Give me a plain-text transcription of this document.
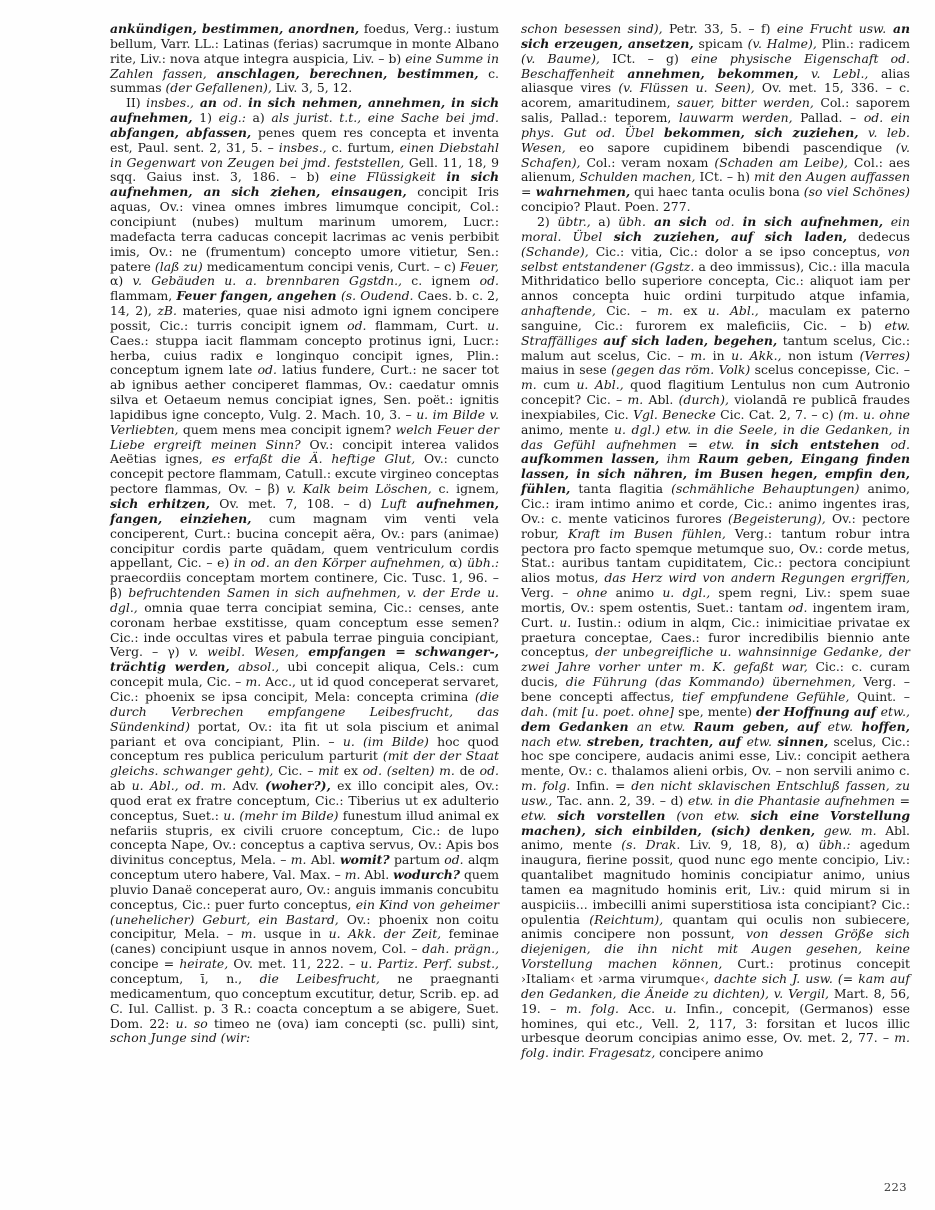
ankündigen, bestimmen, anordnen, foedus, Verg.: iustum bellum, Varr. LL.: Latinas (ferias) sacrumque in monte Albano rite, Liv.: nova atque integra auspicia, Liv. – b) eine Summe in Zahlen fassen, anschlagen, berechnen, bestimmen, c. summas (der Gefallenen), Liv. 3, 5, 12.

II) insbes., an od. in sich nehmen, annehmen, in sich aufnehmen, 1) eig.: a) als jurist. t.t., eine Sache bei jmd. abfangen, abfassen, penes quem res concepta et inventa est, Paul. sent. 2, 31, 5. – insbes., c. furtum, einen Diebstahl in Gegenwart von Zeugen bei jmd. feststellen, Gell. 11, 18, 9 sqq. Gaius inst. 3, 186. – b) eine Flüssigkeit in sich aufnehmen, an sich ziehen, einsaugen, concipit Iris aquas, Ov.: vinea omnes imbres limumque concipit, Col.: concipiunt (nubes) multum marinum umorem, Lucr.: madefacta terra caducas concepit lacrimas ac venis perbibit imis, Ov.: ne (frumentum) concepto umore vitietur, Sen.: patere (laß zu) medicamentum concipi venis, Curt. – c) Feuer, α) v. Gebäuden u. a. brennbaren Ggstdn., c. ignem od. flammam, Feuer fangen, angehen (s. Oudend. Caes. b. c. 2, 14, 2), zB. materies, quae nisi admoto igni ignem concipere possit, Cic.: turris concipit ignem od. flammam, Curt. u. Caes.: stuppa iacit flammam concepto protinus igni, Lucr.: herba, cuius radix e longinquo concipit ignes, Plin.: conceptum ignem late od. latius fundere, Curt.: ne sacer tot ab ignibus aether conciperet flammas, Ov.: caedatur omnis silva et Oetaeum nemus concipiat ignes, Sen. poët.: ignitis lapidibus igne concepto, Vulg. 2. Mach. 10, 3. – u. im Bilde v. Verliebten, quem mens mea concipit ignem? welch Feuer der Liebe ergreift meinen Sinn? Ov.: concipit interea validos Aeëtias ignes, es erfaßt die Ä. heftige Glut, Ov.: cuncto concepit pectore flammam, Catull.: excute virgineo conceptas pectore flammas, Ov. – β) v. Kalk beim Löschen, c. ignem, sich erhitzen, Ov. met. 7, 108. – d) Luft aufnehmen, fangen, einziehen, cum magnam vim venti vela conciperent, Curt.: bucina concepit aëra, Ov.: pars (animae) concipitur cordis parte quādam, quem ventriculum cordis appellant, Cic. – e) in od. an den Körper aufnehmen, α) übh.: praecordiis conceptam mortem continere, Cic. Tusc. 1, 96. – β) befruchtenden Samen in sich aufnehmen, v. der Erde u. dgl., omnia quae terra concipiat semina, Cic.: censes, ante coronam herbae exstitisse, quam conceptum esse semen? Cic.: inde occultas vires et pabula terrae pinguia concipiant, Verg. – γ) v. weibl. Wesen, empfangen = schwanger-, trächtig werden, absol., ubi concepit aliqua, Cels.: cum concepit mula, Cic. – m. Acc., ut id quod conceperat servaret, Cic.: phoenix se ipsa concipit, Mela: concepta crimina (die durch Verbrechen empfangene Leibesfrucht, das Sündenkind) portat, Ov.: ita fit ut sola piscium et animal pariant et ova concipiant, Plin. – u. (im Bilde) hoc quod conceptum res publica periculum parturit (mit der der Staat gleichs. schwanger geht), Cic. – mit ex od. (selten) m. de od. ab u. Abl., od. m. Adv. (woher?), ex illo concipit ales, Ov.: quod erat ex fratre conceptum, Cic.: Tiberius ut ex adulterio conceptus, Suet.: u. (mehr im Bilde) funestum illud animal ex nefariis stupris, ex civili cruore conceptum, Cic.: de lupo concepta Nape, Ov.: conceptus a captiva servus, Ov.: Apis bos divinitus conceptus, Mela. – m. Abl. womit? partum od. alqm conceptum utero habere, Val. Max. – m. Abl. wodurch? quem pluvio Danaë conceperat auro, Ov.: anguis immanis concubitu conceptus, Cic.: puer furto conceptus, ein Kind von geheimer (unehelicher) Geburt, ein Bastard, Ov.: phoenix non coitu concipitur, Mela. – m. usque in u. Akk. der Zeit, feminae (canes) concipiunt usque in annos novem, Col. – dah. prägn., concipe = heirate, Ov. met. 11, 222. – u. Partiz. Perf. subst., conceptum, ī, n., die Leibesfrucht, ne praegnanti medicamentum, quo conceptum excutitur, detur, Scrib. ep. ad C. Iul. Callist. p. 3 R.: coacta conceptum a se abigere, Suet. Dom. 22: u. so timeo ne (ova) iam concepti (sc. pulli) sint, schon Junge sind (wir:

schon besessen sind), Petr. 33, 5. – f) eine Frucht usw. an sich erzeugen, ansetzen, spicam (v. Halme), Plin.: radicem (v. Baume), ICt. – g) eine physische Eigenschaft od. Beschaffenheit annehmen, bekommen, v. Lebl., alias aliasque vires (v. Flüssen u. Seen), Ov. met. 15, 336. – c. acorem, amaritudinem, sauer, bitter werden, Col.: saporem salis, Pallad.: teporem, lauwarm werden, Pallad. – od. ein phys. Gut od. Übel bekommen, sich zuziehen, v. leb. Wesen, eo sapore cupidinem bibendi pascendique (v. Schafen), Col.: veram noxam (Schaden am Leibe), Col.: aes alienum, Schulden machen, ICt. – h) mit den Augen auffassen = wahrnehmen, qui haec tanta oculis bona (so viel Schönes) concipio? Plaut. Poen. 277.

2) übtr., a) übh. an sich od. in sich aufnehmen, ein moral. Übel sich zuziehen, auf sich laden, dedecus (Schande), Cic.: vitia, Cic.: dolor a se ipso conceptus, von selbst entstandener (Ggstz. a deo immissus), Cic.: illa macula Mithridatico bello superiore concepta, Cic.: aliquot iam per annos concepta huic ordini turpitudo atque infamia, anhaftende, Cic. – m. ex u. Abl., maculam ex paterno sanguine, Cic.: furorem ex maleficiis, Cic. – b) etw. Straffälliges auf sich laden, begehen, tantum scelus, Cic.: malum aut scelus, Cic. – m. in u. Akk., non istum (Verres) maius in sese (gegen das röm. Volk) scelus concepisse, Cic. – m. cum u. Abl., quod flagitium Lentulus non cum Autronio concepit? Cic. – m. Abl. (durch), violandā re publicā fraudes inexpiabiles, Cic. Vgl. Benecke Cic. Cat. 2, 7. – c) (m. u. ohne animo, mente u. dgl.) etw. in die Seele, in die Gedanken, in das Gefühl aufnehmen = etw. in sich entstehen od. aufkommen lassen, ihm Raum geben, Eingang finden lassen, in sich nähren, im Busen hegen, empfin den, fühlen, tanta flagitia (schmähliche Behauptungen) animo, Cic.: iram intimo animo et corde, Cic.: animo ingentes iras, Ov.: c. mente vaticinos furores (Begeisterung), Ov.: pectore robur, Kraft im Busen fühlen, Verg.: tantum robur intra pectora pro facto spemque metumque suo, Ov.: corde metus, Stat.: auribus tantam cupiditatem, Cic.: pectora concipiunt alios motus, das Herz wird von andern Regungen ergriffen, Verg. – ohne animo u. dgl., spem regni, Liv.: spem suae mortis, Ov.: spem ostentis, Suet.: tantam od. ingentem iram, Curt. u. Iustin.: odium in alqm, Cic.: inimicitiae privatae ex praetura conceptae, Caes.: furor incredibilis biennio ante conceptus, der unbegreifliche u. wahnsinnige Gedanke, der zwei Jahre vorher unter m. K. gefaßt war, Cic.: c. curam ducis, die Führung (das Kommando) übernehmen, Verg. – bene concepti affectus, tief empfundene Gefühle, Quint. – dah. (mit [u. poet. ohne] spe, mente) der Hoffnung auf etw., dem Gedanken an etw. Raum geben, auf etw. hoffen, nach etw. streben, trachten, auf etw. sinnen, scelus, Cic.: hoc spe concipere, audacis animi esse, Liv.: concipit aethera mente, Ov.: c. thalamos alieni orbis, Ov. – non servili animo c. m. folg. Infin. = den nicht sklavischen Entschluß fassen, zu usw., Tac. ann. 2, 39. – d) etw. in die Phantasie aufnehmen = etw. sich vorstellen (von etw. sich eine Vorstellung machen), sich einbilden, (sich) denken, gew. m. Abl. animo, mente (s. Drak. Liv. 9, 18, 8), α) übh.: agedum inaugura, fierine possit, quod nunc ego mente concipio, Liv.: quantalibet magnitudo hominis concipiatur animo, unius tamen ea magnitudo hominis erit, Liv.: quid mirum si in auspiciis... imbecilli animi superstitiosa ista concipiant? Cic.: opulentia (Reichtum), quantam qui oculis non subiecere, animis concipere non possunt, von dessen Größe sich diejenigen, die ihn nicht mit Augen gesehen, keine Vorstellung machen können, Curt.: protinus concepit ›Italiam‹ et ›arma virumque‹, dachte sich J. usw. (= kam auf den Gedanken, die Äneide zu dichten), v. Vergil, Mart. 8, 56, 19. – m. folg. Acc. u. Infin., concepit, (Germanos) esse homines, qui etc., Vell. 2, 117, 3: forsitan et lucos illic urbesque deorum concipias animo esse, Ov. met. 2, 77. – m. folg. indir. Fragesatz, concipere animo

223
